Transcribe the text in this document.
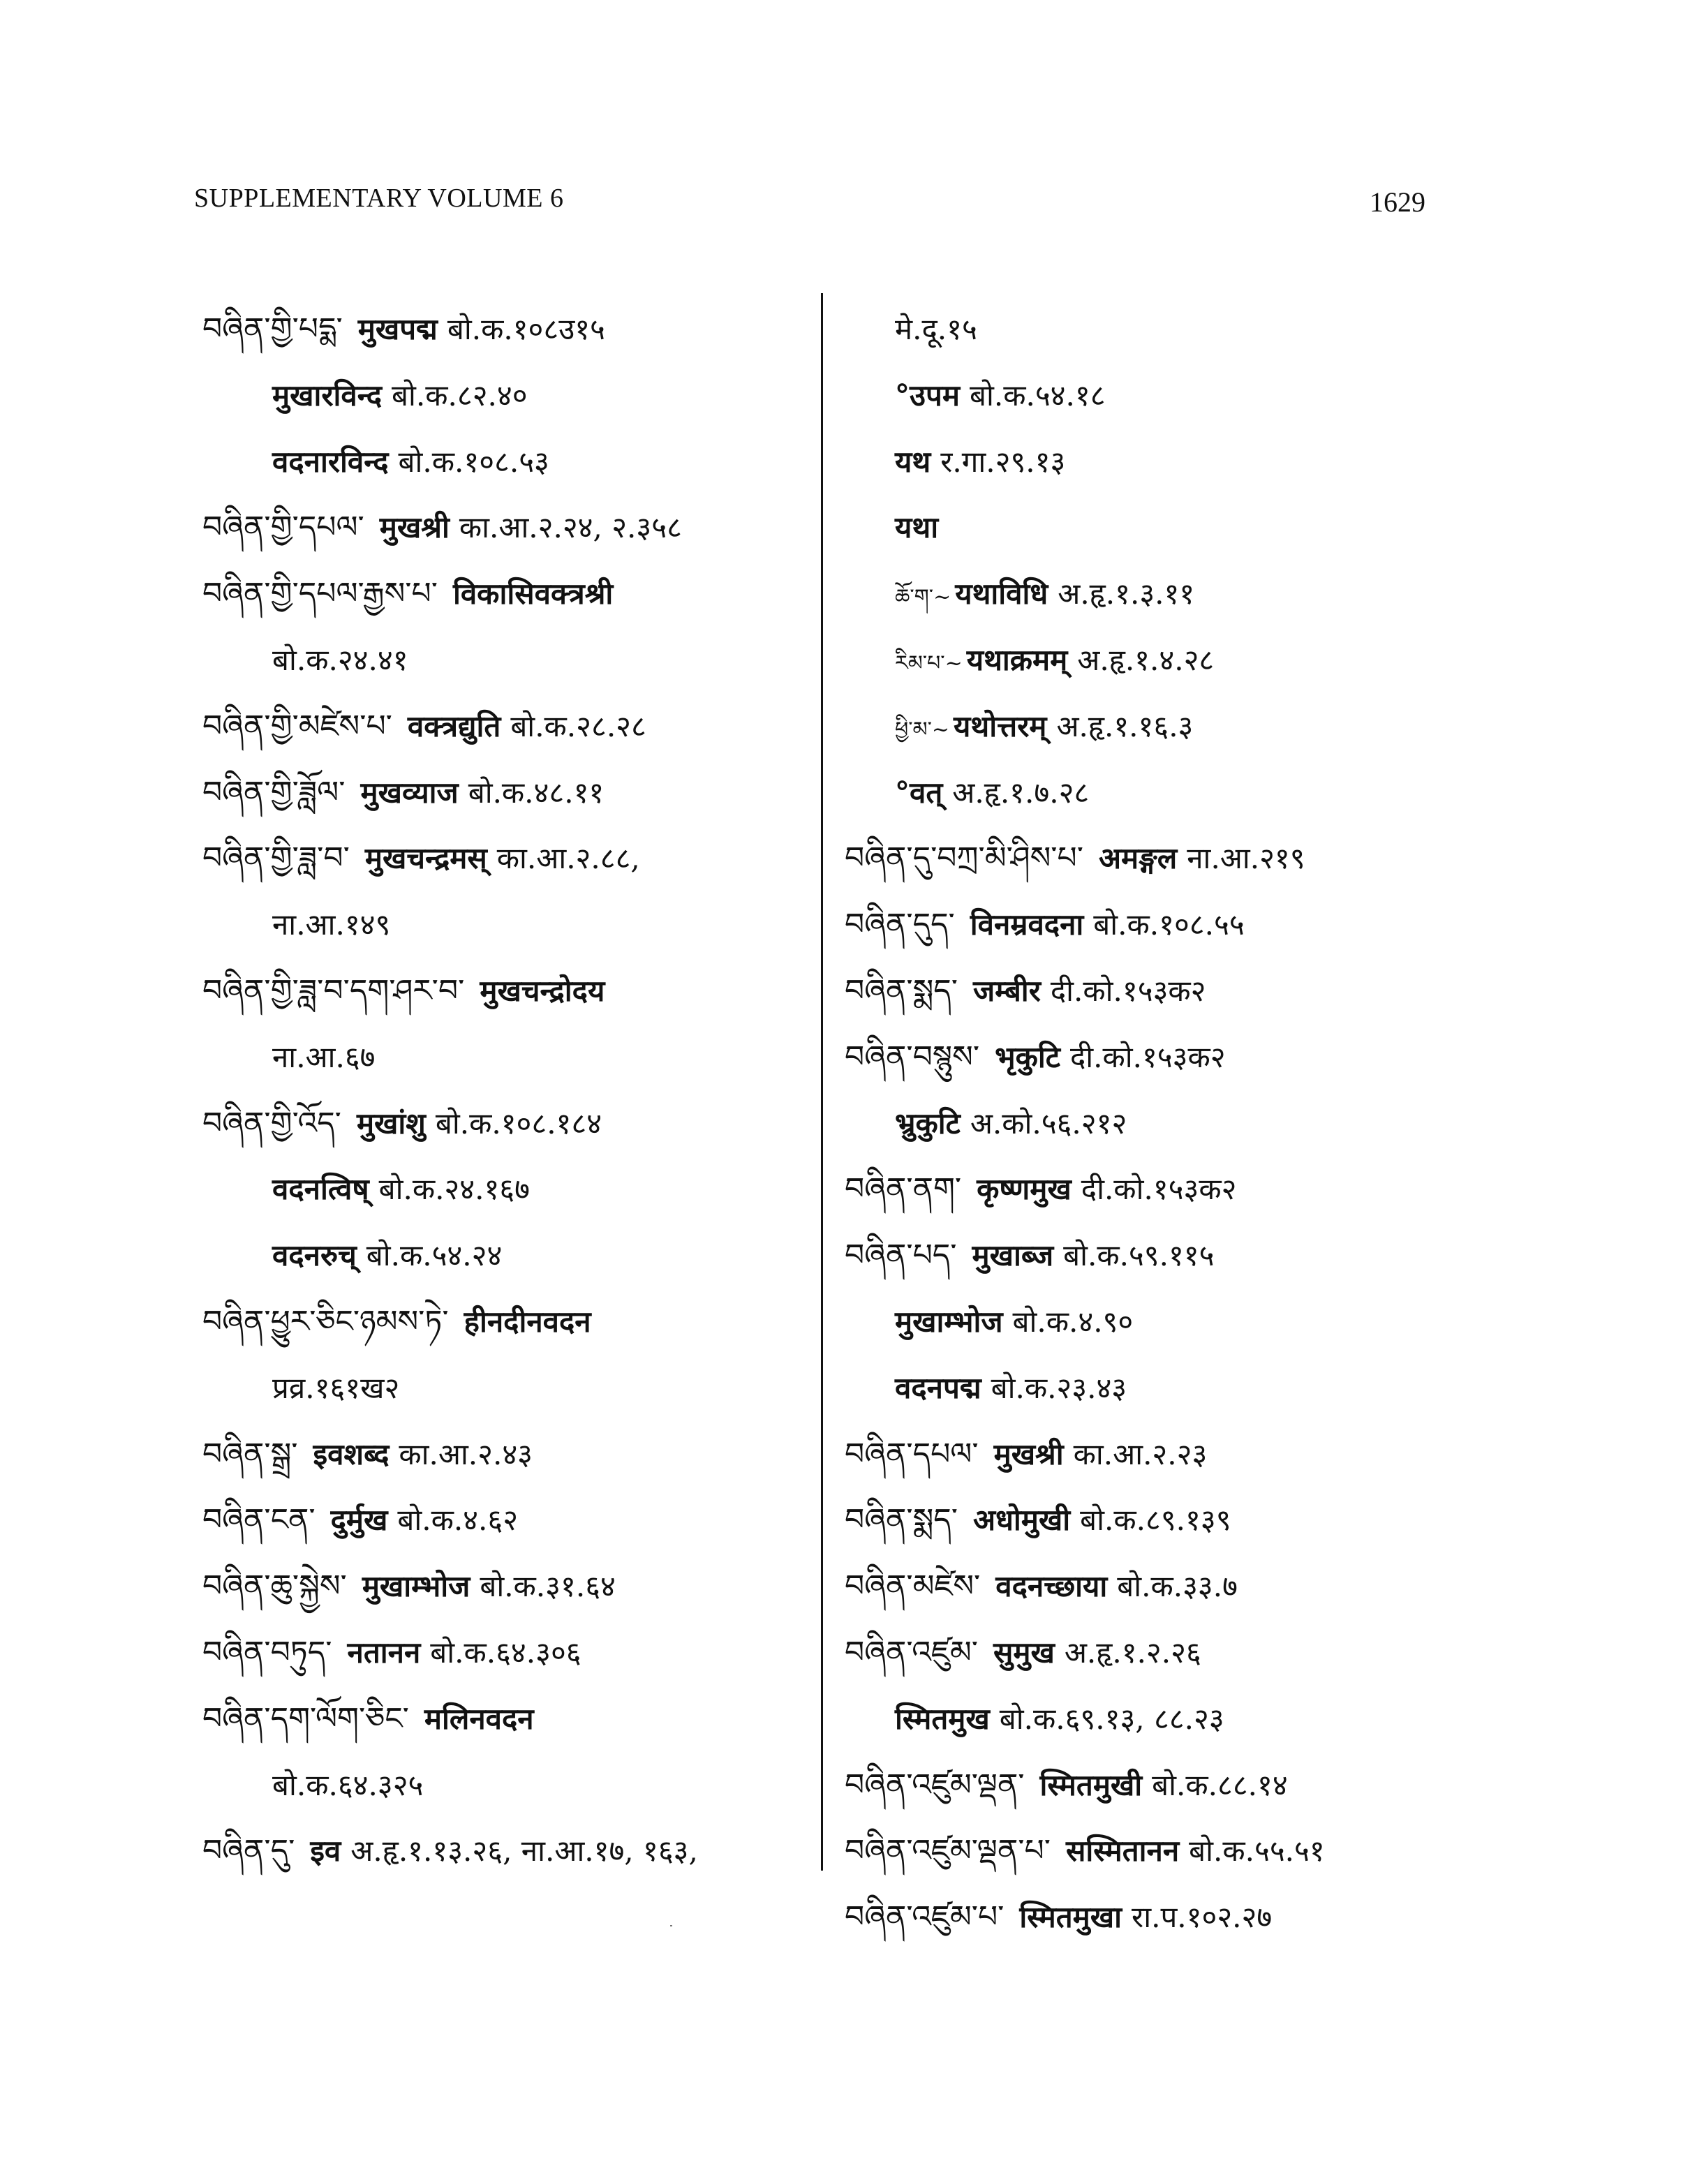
SUPPLEMENTARY VOLUME 6	1629
བཞིན་གྱི་པདྨ་ मुखपद्म बो.क.१०८उ१५
मुखारविन्द बो.क.८२.४०
वदनारविन्द बो.क.१०८.५३
བཞིན་གྱི་དཔལ་ मुखश्री का.आ.२.२४, २.३५८
བཞིན་གྱི་དཔལ་རྒྱས་པ་ विकासिवक्त्रश्री
बो.क.२४.४१
བཞིན་གྱི་མཛེས་པ་ वक्त्रद्युति बो.क.२८.२८
བཞིན་གྱི་ཟློལ་ मुखव्याज बो.क.४८.११
བཞིན་གྱི་ཟླ་བ་ मुखचन्द्रमस् का.आ.२.८८,
ना.आ.१४९
བཞིན་གྱི་ཟླ་བ་དག་ཤར་བ་ मुखचन्द्रोदय
ना.आ.६७
བཞིན་གྱི་འོད་ मुखांशु बो.क.१०८.१८४
वदनत्विष् बो.क.२४.१६७
वदनरुच् बो.क.५४.२४
བཞིན་ཕྱུར་ཅིང་ཉམས་ཏེ་ हीनदीनवदन
प्रव्र.१६१ख२
བཞིན་སྒྲ་ इवशब्द का.आ.२.४३
བཞིན་ངན་ दुर्मुख बो.क.४.६२
བཞིན་ཆུ་སྐྱེས་ मुखाम्भोज बो.क.३१.६४
བཞིན་བཏུད་ नतानन बो.क.६४.३०६
བཞིན་དག་ལོག་ཅིང་ मलिनवदन
बो.क.६४.३२५
བཞིན་དུ་ इव अ.हृ.१.१३.२६, ना.आ.१७, १६३,
मे.दू.१५
°उपम बो.क.५४.१८
यथ र.गा.२९.१३
यथा
ཆོ་ག་~ यथाविधि अ.हृ.१.३.११
རིམ་པ་~ यथाक्रमम् अ.हृ.१.४.२८
ཕྱི་མ་~ यथोत्तरम् अ.हृ.१.१६.३
°वत् अ.हृ.१.७.२८
བཞིན་དུ་བཀྲ་མི་ཤིས་པ་ अमङ्गल ना.आ.२१९
བཞིན་དུད་ विनम्रवदना बो.क.१०८.५५
བཞིན་སྨད་ जम्बीर दी.को.१५३क२
བཞིན་བསྙུས་ भृकुटि दी.को.१५३क२
भ्रुकुटि अ.को.५६.२१२
བཞིན་ནག་ कृष्णमुख दी.को.१५३क२
བཞིན་པད་ मुखाब्ज बो.क.५९.११५
मुखाम्भोज बो.क.४.९०
वदनपद्म बो.क.२३.४३
བཞིན་དཔལ་ मुखश्री का.आ.२.२३
བཞིན་སྨད་ अधोमुखी बो.क.८९.१३९
བཞིན་མཛེས་ वदनच्छाया बो.क.३३.७
བཞིན་འཛུམ་ सुमुख अ.हृ.१.२.२६
स्मितमुख बो.क.६९.१३, ८८.२३
བཞིན་འཛུམ་ལྡན་ स्मितमुखी बो.क.८८.१४
བཞིན་འཛུམ་ལྡན་པ་ सस्मितानन बो.क.५५.५१
བཞིན་འཛུམ་པ་ स्मितमुखा रा.प.१०२.२७
